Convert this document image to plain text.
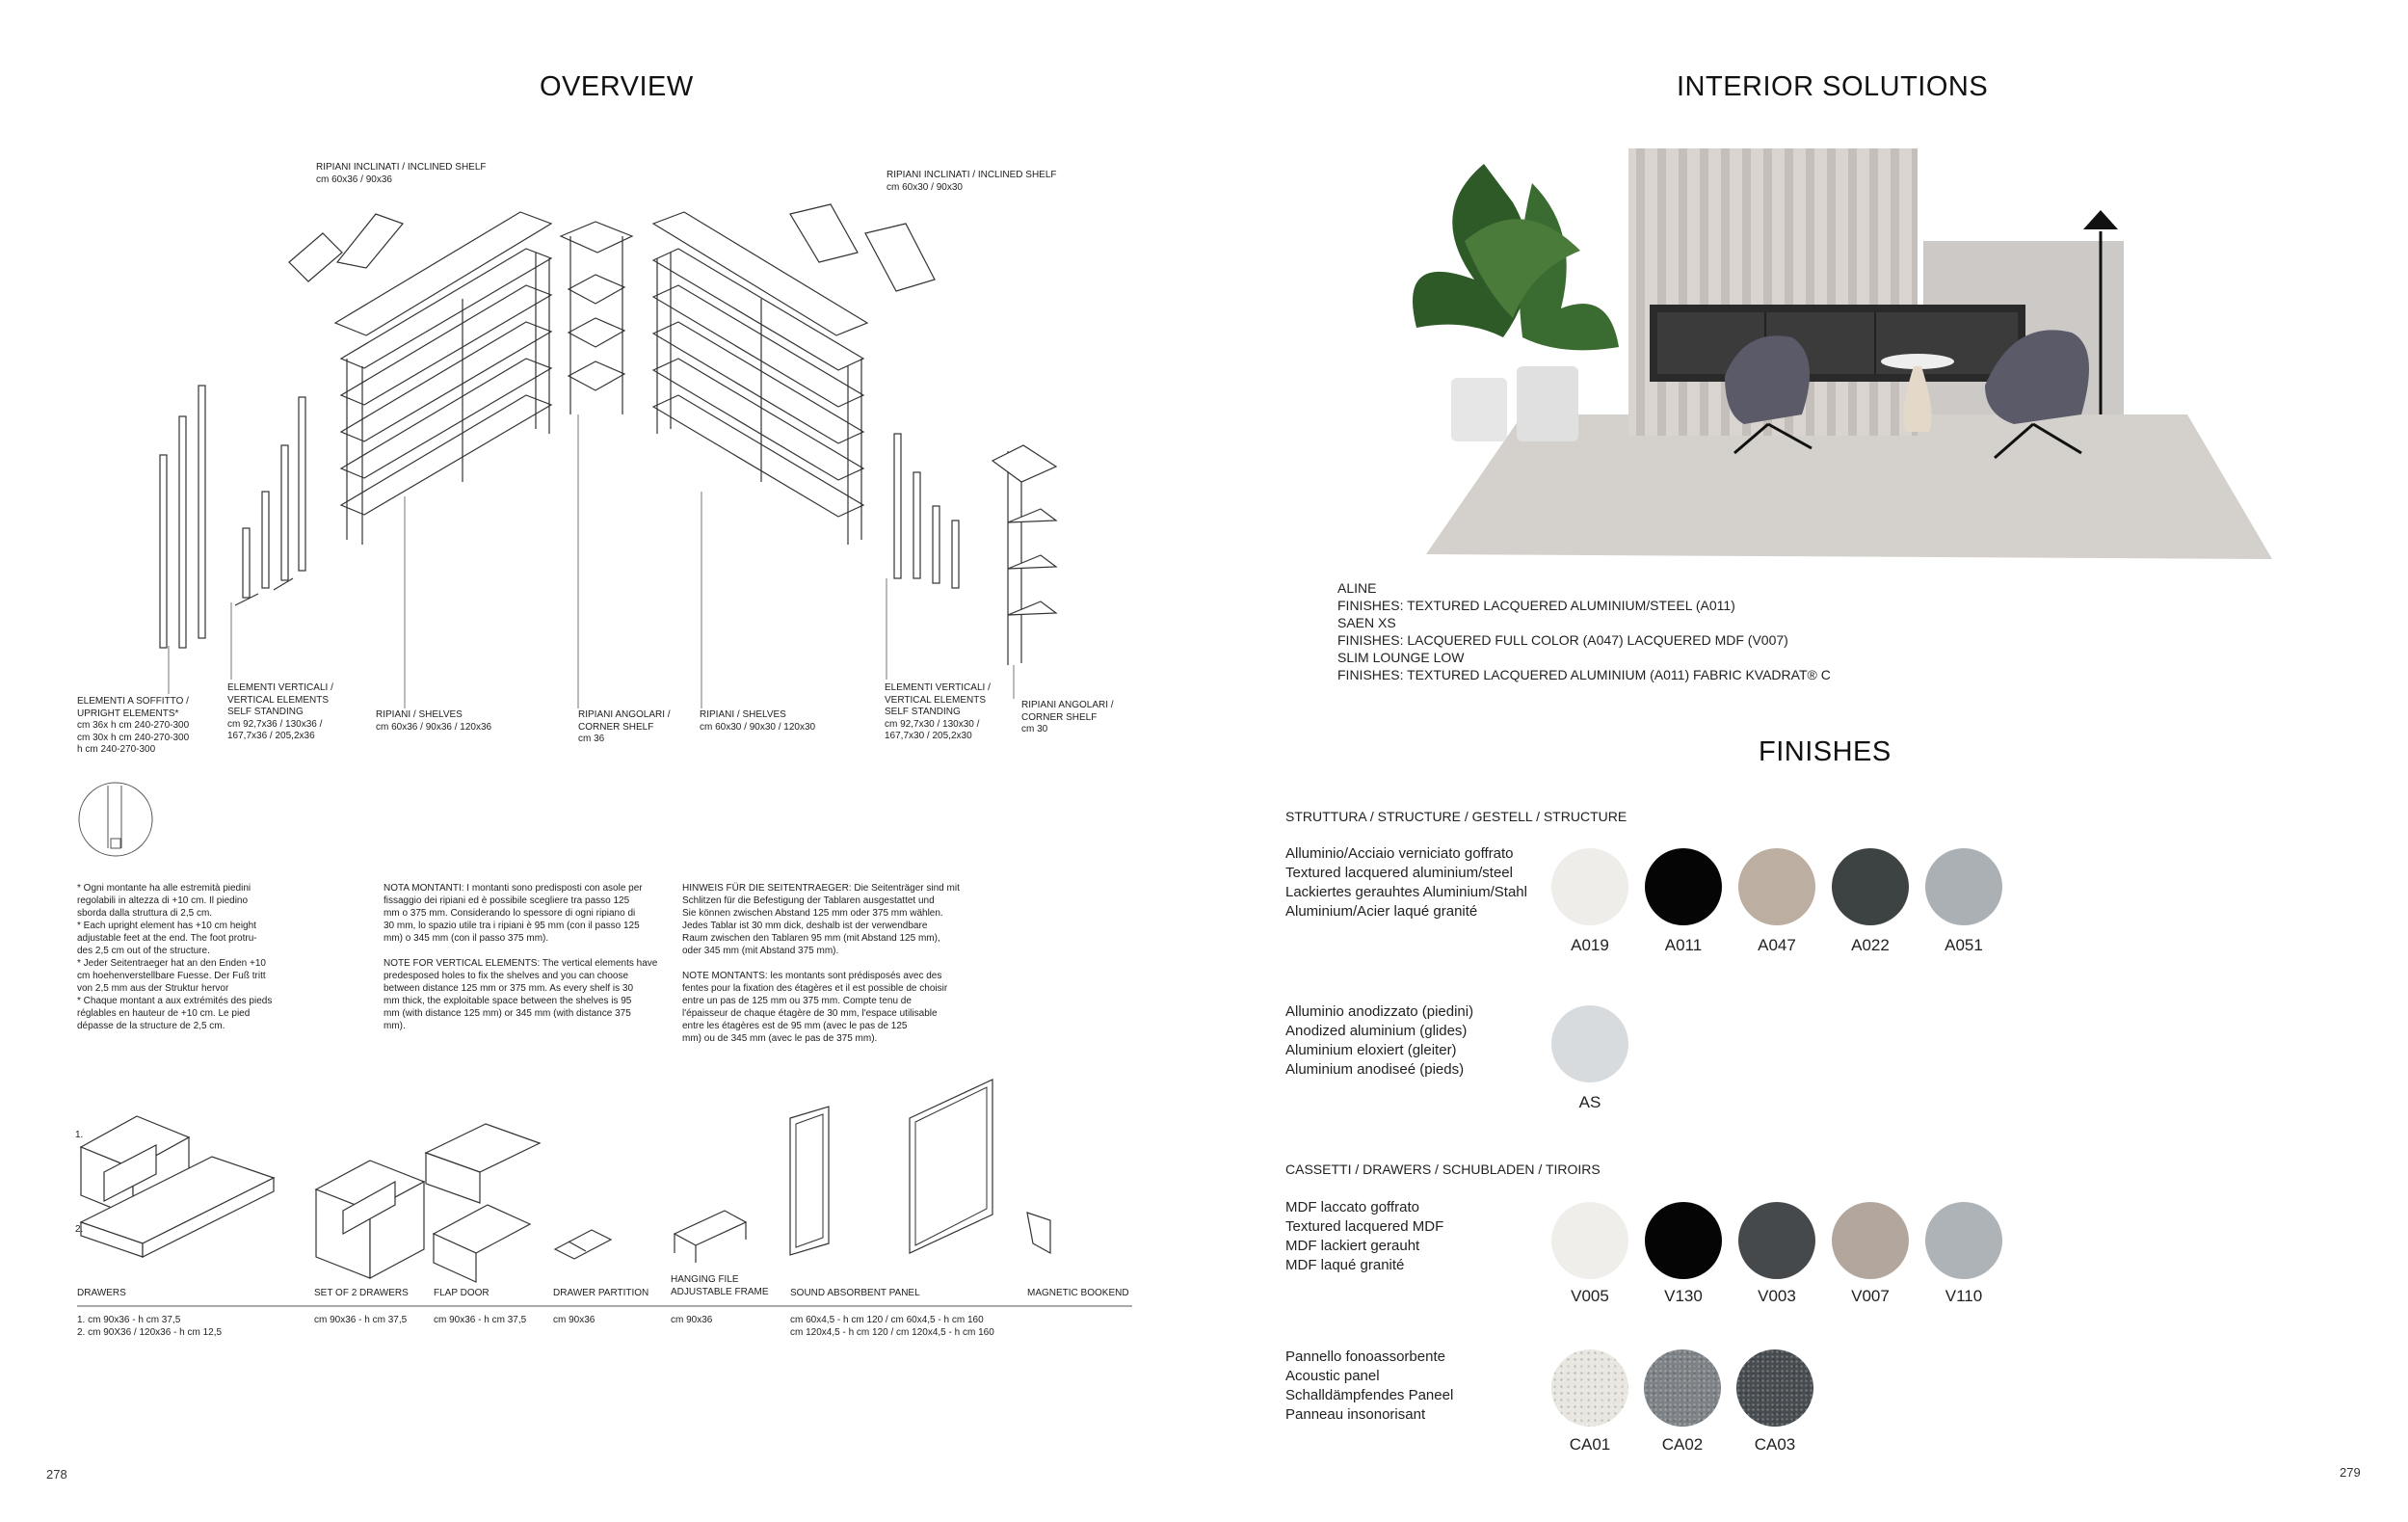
OVERVIEW
RIPIANI INCLINATI / INCLINED SHELF
cm 60x36 / 90x36	RIPIANI INCLINATI / INCLINED SHELF
cm 60x30 / 90x30
ELEMENTI A SOFFITTO /
UPRIGHT ELEMENTS*
cm 36x h cm 240-270-300
cm 30x h cm 240-270-300
h cm 240-270-300
ELEMENTI VERTICALI /
VERTICAL ELEMENTS
SELF STANDING
cm 92,7x36 / 130x36 /
167,7x36 / 205,2x36
RIPIANI / SHELVES
cm 60x36 / 90x36 / 120x36
RIPIANI ANGOLARI /
CORNER SHELF
cm 36
RIPIANI / SHELVES
cm 60x30 / 90x30 / 120x30
ELEMENTI VERTICALI /
VERTICAL ELEMENTS
SELF STANDING
cm 92,7x30 / 130x30 /
167,7x30 / 205,2x30
RIPIANI ANGOLARI /
CORNER SHELF
cm 30
* Ogni montante ha alle estremità piedini
regolabili in altezza di +10 cm. Il piedino
sborda dalla struttura di 2,5 cm.
* Each upright element has +10 cm height
adjustable feet at the end. The foot protru-
des 2,5 cm out of the structure.
* Jeder Seitentraeger hat an den Enden +10
cm hoehenverstellbare Fuesse. Der Fuß tritt
von 2,5 mm aus der Struktur hervor
* Chaque montant a aux extrémités des pieds
réglables en hauteur de +10 cm. Le pied
dépasse de la structure de 2,5 cm.
NOTA MONTANTI: I montanti sono predisposti con asole per
fissaggio dei ripiani ed è possibile scegliere tra passo 125
mm o 375 mm. Considerando lo spessore di ogni ripiano di
30 mm, lo spazio utile tra i ripiani è 95 mm (con il passo 125
mm) o 345 mm (con il passo 375 mm).
NOTE FOR VERTICAL ELEMENTS: The vertical elements have
predesposed holes to fix the shelves and you can choose
between distance 125 mm or 375 mm. As every shelf is 30
mm thick, the exploitable space between the shelves is 95
mm (with distance 125 mm) or 345 mm (with distance 375
mm).
HINWEIS FÜR DIE SEITENTRAEGER: Die Seitenträger sind mit
Schlitzen für die Befestigung der Tablaren ausgestattet und
Sie können zwischen Abstand 125 mm oder 375 mm wählen.
Jedes Tablar ist 30 mm dick, deshalb ist der verwendbare
Raum zwischen den Tablaren 95 mm (mit Abstand 125 mm),
oder 345 mm (mit Abstand 375 mm).
NOTE MONTANTS: les montants sont prédisposés avec des
fentes pour la fixation des étagères et il est possible de choisir
entre un pas de 125 mm ou 375 mm. Compte tenu de
l'épaisseur de chaque étagère de 30 mm, l'espace utilisable
entre les étagères est de 95 mm (avec le pas de 125
mm) ou de 345 mm (avec le pas de 375 mm).
1.
2.
DRAWERS
1. cm 90x36 - h cm 37,5
2. cm 90X36 / 120x36 - h cm 12,5
SET OF 2 DRAWERS
cm 90x36 - h cm 37,5
FLAP DOOR
cm 90x36 - h cm 37,5
DRAWER PARTITION
cm 90x36
HANGING FILE
ADJUSTABLE FRAME
cm 90x36
SOUND ABSORBENT PANEL
cm 60x4,5 - h cm 120 / cm 60x4,5 - h cm 160
cm 120x4,5 - h cm 120 / cm 120x4,5 - h cm 160
MAGNETIC BOOKEND
278
INTERIOR SOLUTIONS
ALINE
FINISHES: TEXTURED LACQUERED ALUMINIUM/STEEL (A011)
SAEN XS
FINISHES: LACQUERED FULL COLOR (A047) LACQUERED MDF (V007)
SLIM LOUNGE LOW
FINISHES: TEXTURED LACQUERED ALUMINIUM (A011) FABRIC KVADRAT® C
FINISHES
STRUTTURA / STRUCTURE / GESTELL / STRUCTURE
Alluminio/Acciaio verniciato goffrato
Textured lacquered aluminium/steel
Lackiertes gerauhtes Aluminium/Stahl
Aluminium/Acier laqué granité
A019	A011	A047	A022	A051
Alluminio anodizzato (piedini)
Anodized aluminium (glides)
Aluminium eloxiert (gleiter)
Aluminium anodiseé (pieds)
AS
CASSETTI / DRAWERS / SCHUBLADEN / TIROIRS
MDF laccato goffrato
Textured lacquered MDF
MDF lackiert gerauht
MDF laqué granité
V005	V130	V003	V007	V110
Pannello fonoassorbente
Acoustic panel
Schalldämpfendes Paneel
Panneau insonorisant
CA01	CA02	CA03
279
